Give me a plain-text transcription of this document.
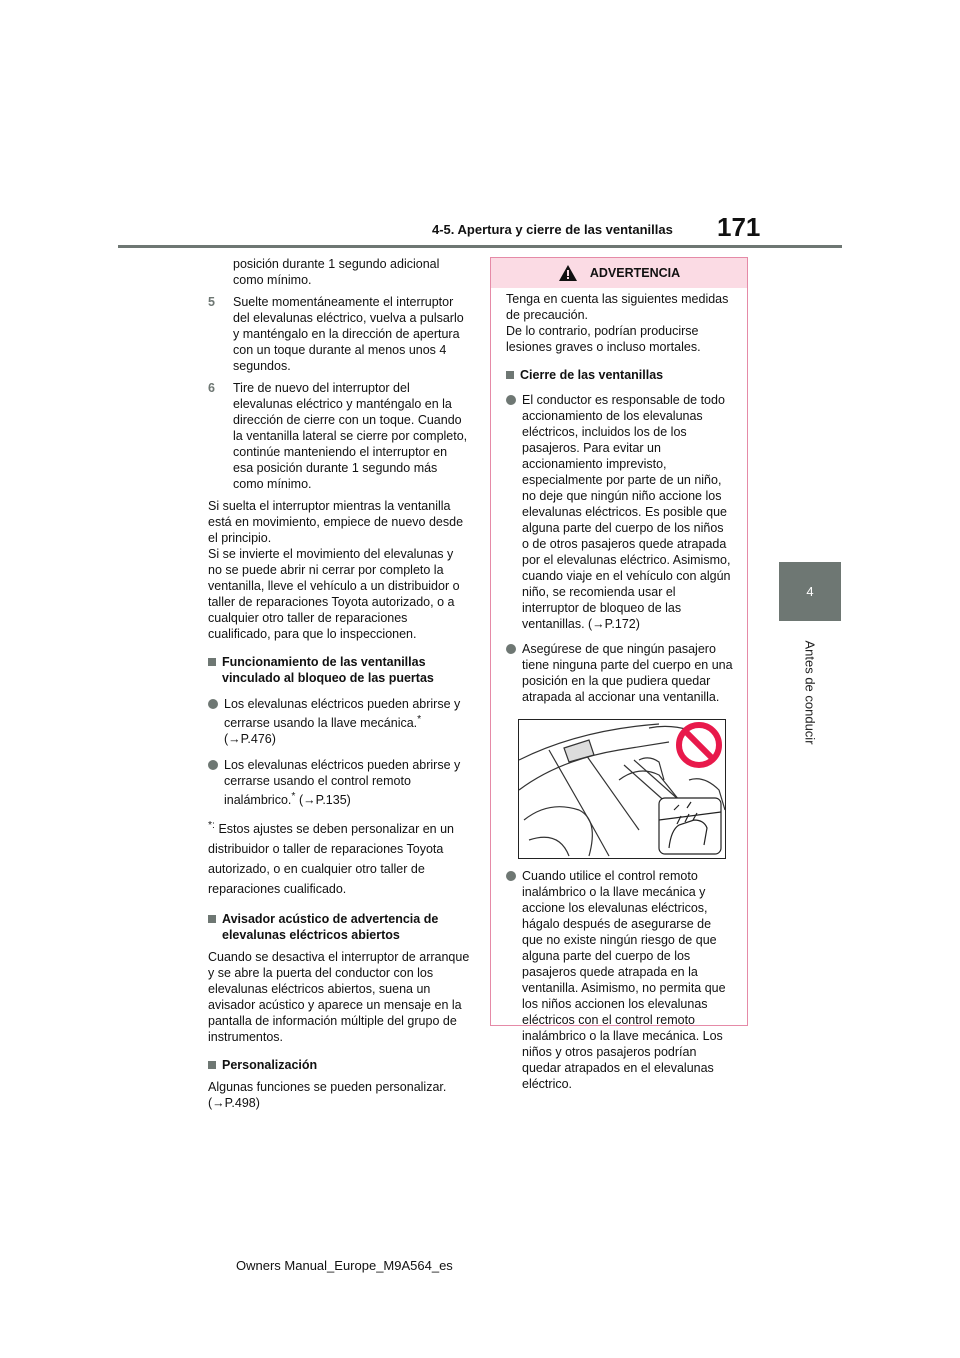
4-5. Apertura y cierre de las ventanillas 171
4
Antes de conducir

posición durante 1 segundo adicional como mínimo.

5	Suelte momentáneamente el interruptor del elevalunas eléctrico, vuelva a pulsarlo y manténgalo en la dirección de apertura con un toque durante al menos unos 4 segundos.
6	Tire de nuevo del interruptor del elevalunas eléctrico y manténgalo en la dirección de cierre con un toque. Cuando la ventanilla lateral se cierre por completo, continúe manteniendo el interruptor en esa posición durante 1 segundo más como mínimo.

Si suelta el interruptor mientras la ventanilla está en movimiento, empiece de nuevo desde el principio.

Si se invierte el movimiento del elevalunas y no se puede abrir ni cerrar por completo la ventanilla, lleve el vehículo a un distribuidor o taller de reparaciones Toyota autorizado, o a cualquier otro taller de reparaciones cualificado, para que lo inspeccionen.

Funcionamiento de las ventanillas vinculado al bloqueo de las puertas
Los elevalunas eléctricos pueden abrirse y cerrarse usando la llave mecánica.* (→P.476)
Los elevalunas eléctricos pueden abrirse y cerrarse usando el control remoto inalámbrico.* (→P.135)
*: Estos ajustes se deben personalizar en un distribuidor o taller de reparaciones Toyota autorizado, o en cualquier otro taller de reparaciones cualificado.
Avisador acústico de advertencia de elevalunas eléctricos abiertos

Cuando se desactiva el interruptor de arranque y se abre la puerta del conductor con los elevalunas eléctricos abiertos, suena un avisador acústico y aparece un mensaje en la pantalla de información múltiple del grupo de instrumentos.

Personalización

Algunas funciones se pueden personalizar. (→P.498)

ADVERTENCIA

Tenga en cuenta las siguientes medidas de precaución.

De lo contrario, podrían producirse lesiones graves o incluso mortales.

Cierre de las ventanillas
El conductor es responsable de todo accionamiento de los elevalunas eléctricos, incluidos los de los pasajeros. Para evitar un accionamiento imprevisto, especialmente por parte de un niño, no deje que ningún niño accione los elevalunas eléctricos. Es posible que alguna parte del cuerpo de los niños o de otros pasajeros quede atrapada por el elevalunas eléctrico. Asimismo, cuando viaje en el vehículo con algún niño, se recomienda usar el interruptor de bloqueo de las ventanillas. (→P.172)
Asegúrese de que ningún pasajero tiene ninguna parte del cuerpo en una posición en la que pudiera quedar atrapada al accionar una ventanilla.
Cuando utilice el control remoto inalámbrico o la llave mecánica y accione los elevalunas eléctricos, hágalo después de asegurarse de que no existe ningún riesgo de que alguna parte del cuerpo de los pasajeros quede atrapada en la ventanilla. Asimismo, no permita que los niños accionen los elevalunas eléctricos con el control remoto inalámbrico o la llave mecánica. Los niños y otros pasajeros podrían quedar atrapados en el elevalunas eléctrico.
Owners Manual_Europe_M9A564_es
